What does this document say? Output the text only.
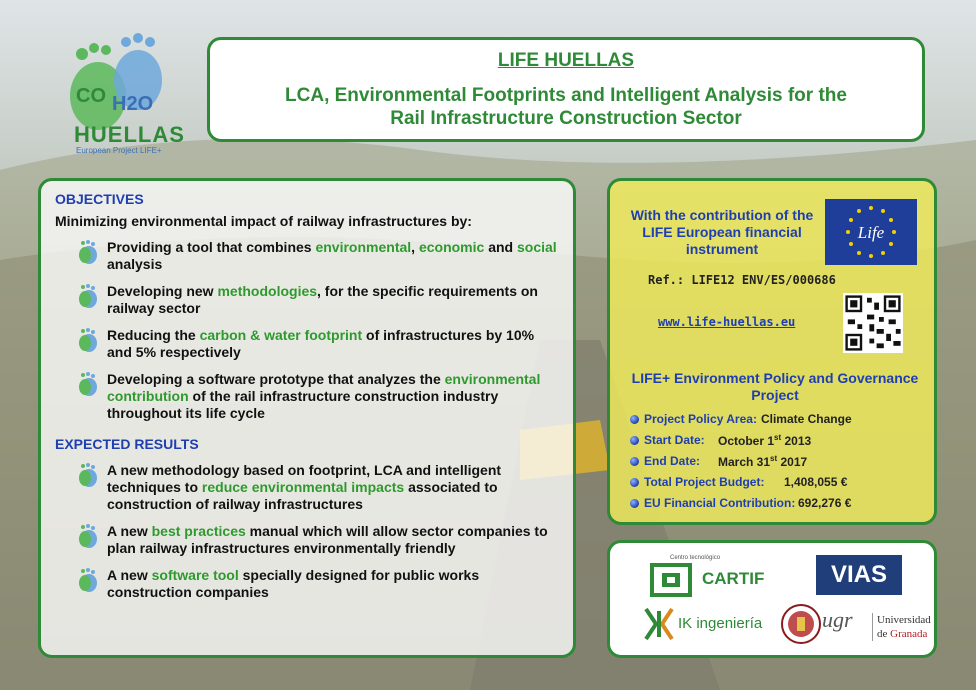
CO H2O
HUELLAS
European Project LIFE+
LIFE HUELLAS
LCA, Environmental Footprints and Intelligent Analysis for the
Rail Infrastructure Construction Sector
OBJECTIVES
Minimizing environmental impact of railway infrastructures by:
Providing a tool that combines environmental, economic and social analysis
Developing new methodologies, for the specific requirements on railway sector
Reducing the carbon & water footprint of infrastructures by 10% and 5% respectively
Developing a software prototype that analyzes the environmental contribution of the rail infrastructure construction industry throughout its life cycle
EXPECTED RESULTS
A new methodology based on footprint, LCA and intelligent techniques to reduce environmental impacts associated to construction of railway infrastructures
A new best practices manual which will allow sector companies to plan railway infrastructures environmentally friendly
A new software tool specially designed for public works construction companies
With the contribution of the LIFE European financial instrument
Life
Ref.: LIFE12 ENV/ES/000686
www.life-huellas.eu
LIFE+ Environment Policy and Governance Project
Project Policy Area: Climate Change
Start Date: October 1st 2013
End Date: March 31st 2017
Total Project Budget: 1,408,055 €
EU Financial Contribution: 692,276 €
Centro tecnológico
CARTIF	VIAS
IK ingeniería	ugr Universidad
de Granada
